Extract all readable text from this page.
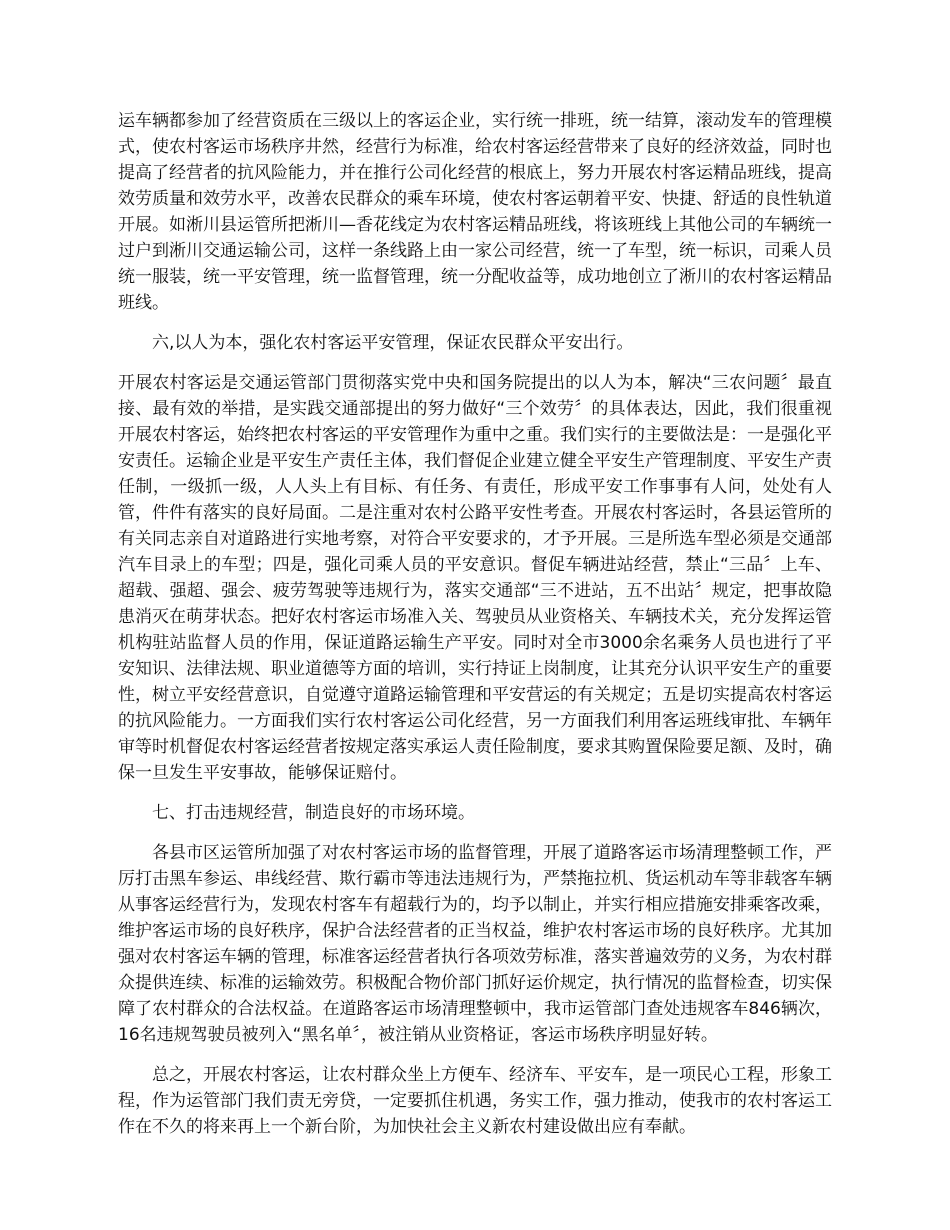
运车辆都参加了经营资质在三级以上的客运企业，实行统一排班，统一结算，滚动发车的管理模式，使农村客运市场秩序井然，经营行为标准，给农村客运经营带来了良好的经济效益，同时也提高了经营者的抗风险能力，并在推行公司化经营的根底上，努力开展农村客运精品班线，提高效劳质量和效劳水平，改善农民群众的乘车环境，使农村客运朝着平安、快捷、舒适的良性轨道开展。如淅川县运管所把淅川—香花线定为农村客运精品班线，将该班线上其他公司的车辆统一过户到淅川交通运输公司，这样一条线路上由一家公司经营，统一了车型，统一标识，司乘人员统一服装，统一平安管理，统一监督管理，统一分配收益等，成功地创立了淅川的农村客运精品班线。

六,以人为本，强化农村客运平安管理，保证农民群众平安出行。

开展农村客运是交通运管部门贯彻落实党中央和国务院提出的以人为本，解决“三农问题〞最直接、最有效的举措，是实践交通部提出的努力做好“三个效劳〞的具体表达，因此，我们很重视开展农村客运，始终把农村客运的平安管理作为重中之重。我们实行的主要做法是：一是强化平安责任。运输企业是平安生产责任主体，我们督促企业建立健全平安生产管理制度、平安生产责任制，一级抓一级，人人头上有目标、有任务、有责任，形成平安工作事事有人问，处处有人管，件件有落实的良好局面。二是注重对农村公路平安性考查。开展农村客运时，各县运管所的有关同志亲自对道路进行实地考察，对符合平安要求的，才予开展。三是所选车型必须是交通部汽车目录上的车型；四是，强化司乘人员的平安意识。督促车辆进站经营，禁止“三品〞上车、超载、强超、强会、疲劳驾驶等违规行为，落实交通部“三不进站，五不出站〞规定，把事故隐患消灭在萌芽状态。把好农村客运市场准入关、驾驶员从业资格关、车辆技术关，充分发挥运管机构驻站监督人员的作用，保证道路运输生产平安。同时对全市3000余名乘务人员也进行了平安知识、法律法规、职业道德等方面的培训，实行持证上岗制度，让其充分认识平安生产的重要性，树立平安经营意识，自觉遵守道路运输管理和平安营运的有关规定；五是切实提高农村客运的抗风险能力。一方面我们实行农村客运公司化经营，另一方面我们利用客运班线审批、车辆年审等时机督促农村客运经营者按规定落实承运人责任险制度，要求其购置保险要足额、及时，确保一旦发生平安事故，能够保证赔付。

七、打击违规经营，制造良好的市场环境。

各县市区运管所加强了对农村客运市场的监督管理，开展了道路客运市场清理整顿工作，严厉打击黑车参运、串线经营、欺行霸市等违法违规行为，严禁拖拉机、货运机动车等非载客车辆从事客运经营行为，发现农村客车有超载行为的，均予以制止，并实行相应措施安排乘客改乘，维护客运市场的良好秩序，保护合法经营者的正当权益，维护农村客运市场的良好秩序。尤其加强对农村客运车辆的管理，标准客运经营者执行各项效劳标准，落实普遍效劳的义务，为农村群众提供连续、标准的运输效劳。积极配合物价部门抓好运价规定，执行情况的监督检查，切实保障了农村群众的合法权益。在道路客运市场清理整顿中，我市运管部门查处违规客车846辆次，16名违规驾驶员被列入“黑名单〞，被注销从业资格证，客运市场秩序明显好转。

总之，开展农村客运，让农村群众坐上方便车、经济车、平安车，是一项民心工程，形象工程，作为运管部门我们责无旁贷，一定要抓住机遇，务实工作，强力推动，使我市的农村客运工作在不久的将来再上一个新台阶，为加快社会主义新农村建设做出应有奉献。
